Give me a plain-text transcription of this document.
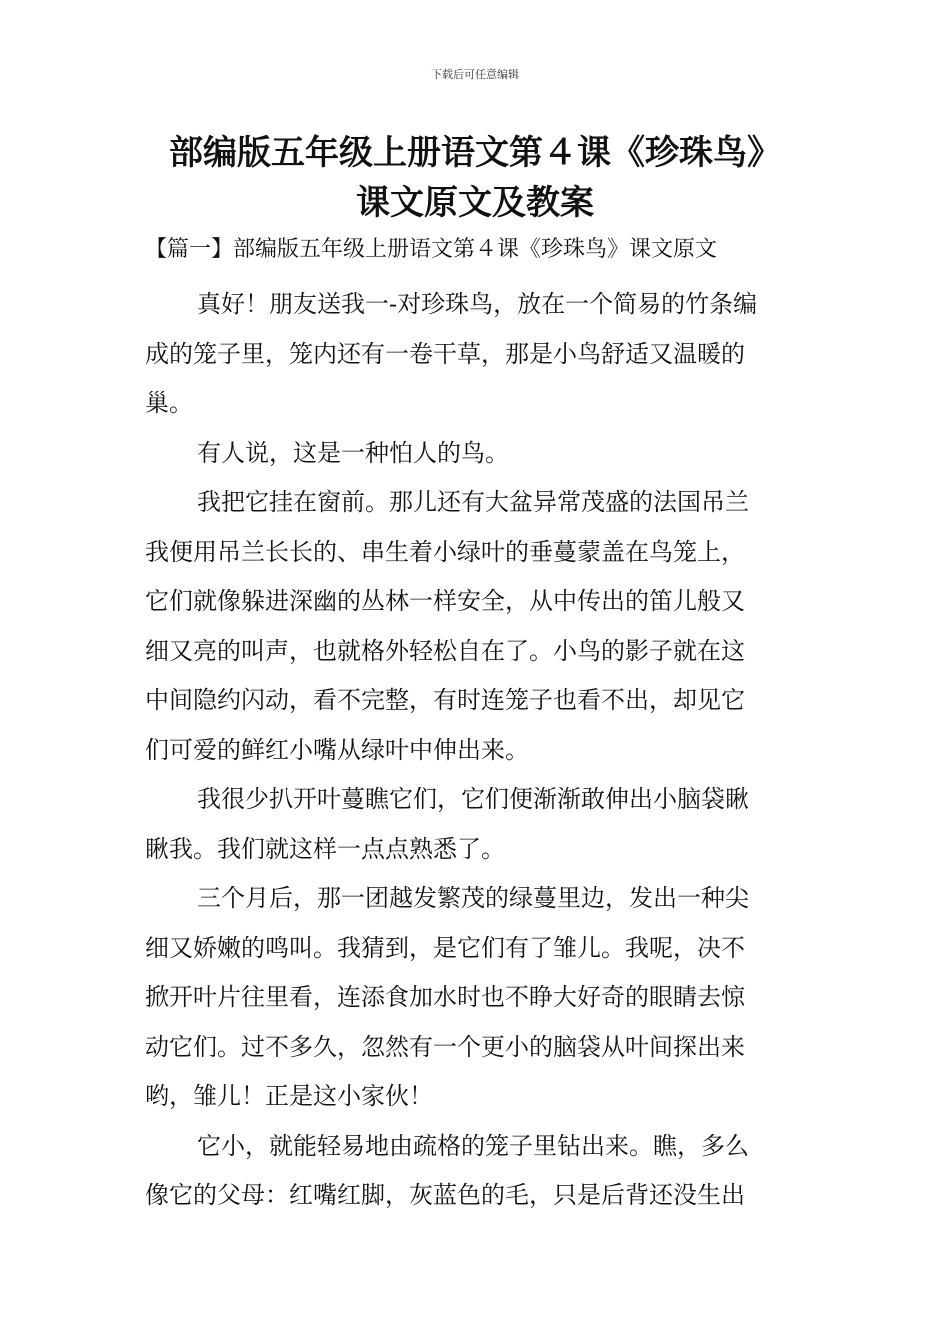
下载后可任意编辑
部编版五年级上册语文第４课《珍珠鸟》
课文原文及教案

【篇一】部编版五年级上册语文第４课《珍珠鸟》课文原文

真好！朋友送我一-对珍珠鸟，放在一个简易的竹条编
成的笼子里，笼内还有一卷干草，那是小鸟舒适又温暖的
巢。
有人说，这是一种怕人的鸟。
我把它挂在窗前。那儿还有大盆异常茂盛的法国吊兰
我便用吊兰长长的、串生着小绿叶的垂蔓蒙盖在鸟笼上，
它们就像躲进深幽的丛林一样安全，从中传出的笛儿般又
细又亮的叫声，也就格外轻松自在了。小鸟的影子就在这
中间隐约闪动，看不完整，有时连笼子也看不出，却见它
们可爱的鲜红小嘴从绿叶中伸出来。
我很少扒开叶蔓瞧它们，它们便渐渐敢伸出小脑袋瞅
瞅我。我们就这样一点点熟悉了。
三个月后，那一团越发繁茂的绿蔓里边，发出一种尖
细又娇嫩的鸣叫。我猜到，是它们有了雏儿。我呢，决不
掀开叶片往里看，连添食加水时也不睁大好奇的眼睛去惊
动它们。过不多久，忽然有一个更小的脑袋从叶间探出来
哟，雏儿！正是这小家伙！
它小，就能轻易地由疏格的笼子里钻出来。瞧，多么
像它的父母：红嘴红脚，灰蓝色的毛，只是后背还没生出
